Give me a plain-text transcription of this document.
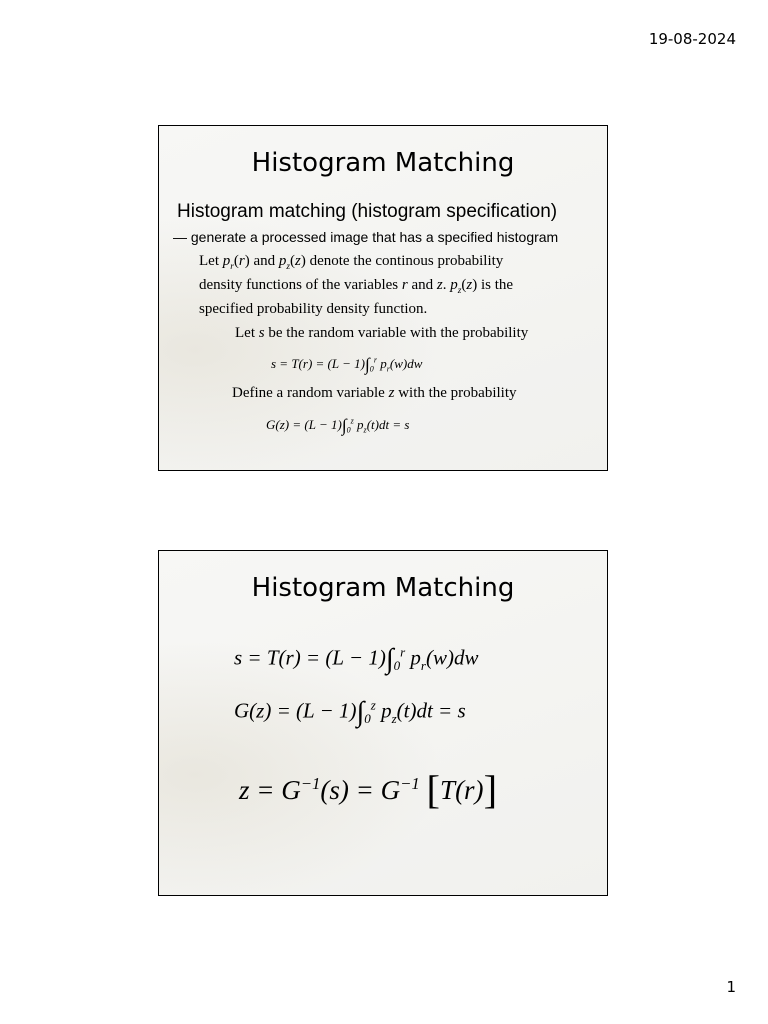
19-08-2024
Histogram Matching
Histogram matching (histogram specification)
— generate a processed image that has a specified histogram
Let $p_r(r)$ and $p_z(z)$ denote the continous probability
density functions of the variables r and z. $p_z(z)$ is the
specified probability density function.
Let s be the random variable with the probability
$s = T(r) = (L - 1)\int_0^r$ $p_r(w)dw$
Define a random variable z with the probability
$G(z) = (L - 1)\int_0^z$ $p_z(t)dt = s$
Histogram Matching
$s = T(r) = (L - 1)\int_0^r$ $p_r(w)dw$
$G(z) = (L - 1)\int_0^z$ $p_z(t)dt = s$
$z = G^{-1}(s) = G^{-1}$ [T(r)]
1
